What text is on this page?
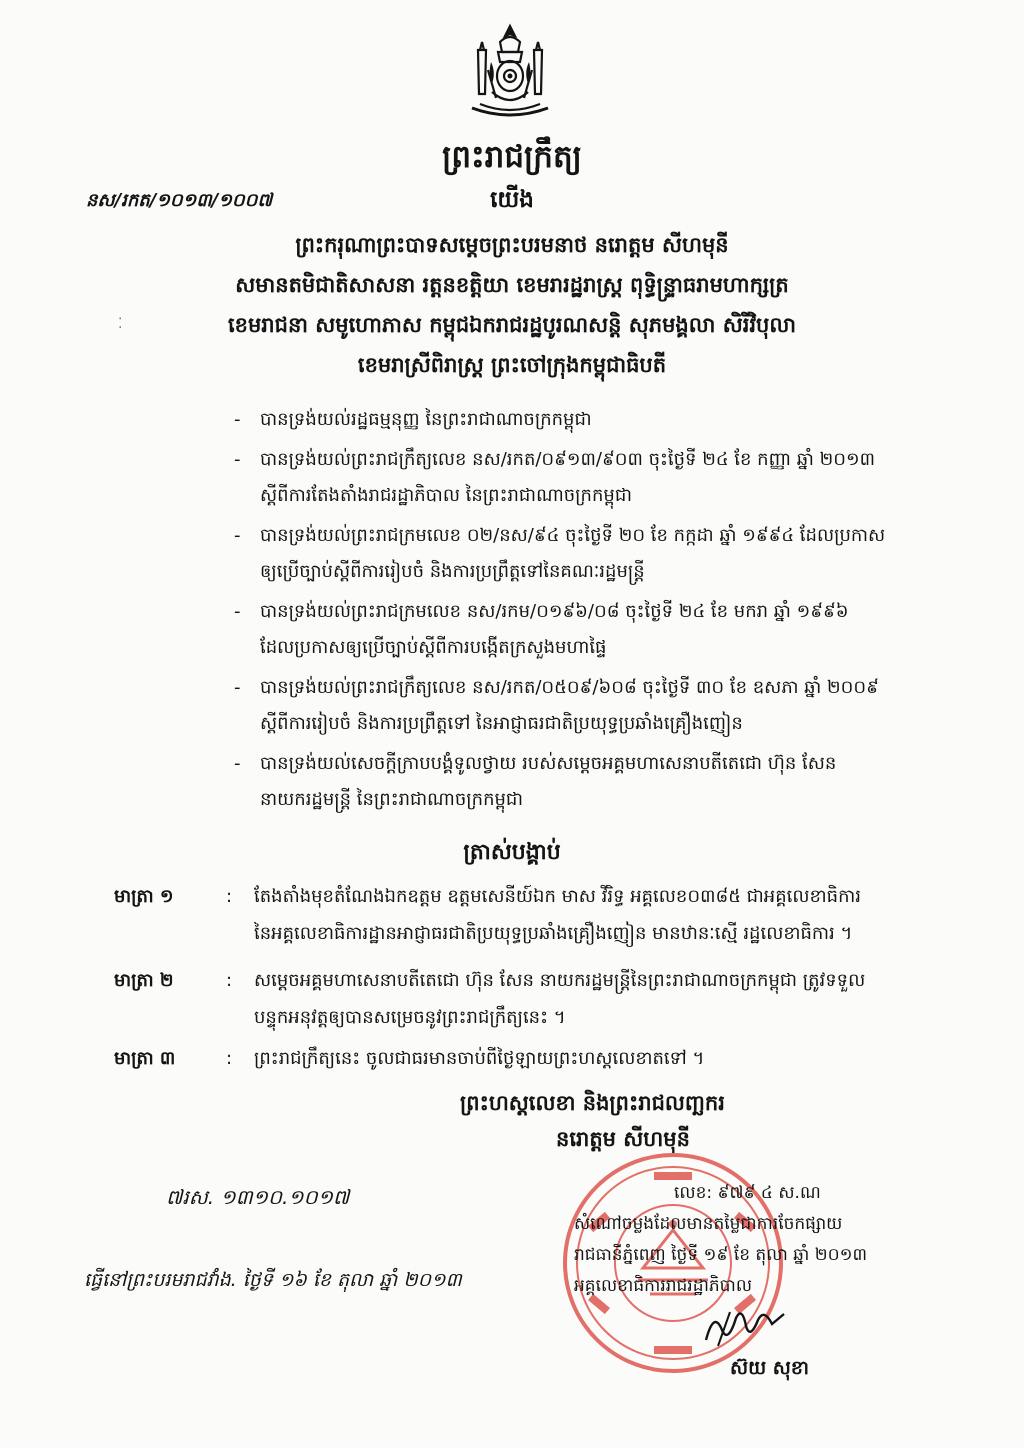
ព្រះរាជក្រឹត្យ
នស/រកត/១០១៣/១០០៧	យើង
ព្រះករុណាព្រះបាទសម្តេចព្រះបរមនាថ នរោត្តម សីហមុនី
សមានតមិជាតិសាសនា រត្តនខត្តិយា ខេមរារដ្ឋរាស្ត្រ ពុទ្ធិន្ទ្រាធរាមហាក្សត្រ
ខេមរាជនា សមូហោភាស កម្ពុជឯករាជរដ្ឋបូរណសន្តិ សុភមង្គលា សិរីវិបុលា
ខេមរាស្រីពិរាស្ត្រ ព្រះចៅក្រុងកម្ពុជាធិបតី
⁚
- បានទ្រង់យល់រដ្ឋធម្មនុញ្ញ នៃព្រះរាជាណាចក្រកម្ពុជា
- បានទ្រង់យល់ព្រះរាជក្រឹត្យលេខ នស/រកត/០៩១៣/៩០៣ ចុះថ្ងៃទី ២៤ ខែ កញ្ញា ឆ្នាំ ២០១៣
ស្តីពីការតែងតាំងរាជរដ្ឋាភិបាល នៃព្រះរាជាណាចក្រកម្ពុជា
- បានទ្រង់យល់ព្រះរាជក្រមលេខ ០២/នស/៩៤ ចុះថ្ងៃទី ២០ ខែ កក្កដា ឆ្នាំ ១៩៩៤ ដែលប្រកាស
ឲ្យប្រើច្បាប់ស្តីពីការរៀបចំ និងការប្រព្រឹត្តទៅនៃគណៈរដ្ឋមន្ត្រី
- បានទ្រង់យល់ព្រះរាជក្រមលេខ នស/រកម/០១៩៦/០៨ ចុះថ្ងៃទី ២៤ ខែ មករា ឆ្នាំ ១៩៩៦
ដែលប្រកាសឲ្យប្រើច្បាប់ស្តីពីការបង្កើតក្រសួងមហាផ្ទៃ
- បានទ្រង់យល់ព្រះរាជក្រឹត្យលេខ នស/រកត/០៥០៩/៦០៨ ចុះថ្ងៃទី ៣០ ខែ ឧសភា ឆ្នាំ ២០០៩
ស្តីពីការរៀបចំ និងការប្រព្រឹត្តទៅ នៃអាជ្ញាធរជាតិប្រយុទ្ធប្រឆាំងគ្រឿងញៀន
- បានទ្រង់យល់សេចក្តីក្រាបបង្គំទូលថ្វាយ របស់សម្តេចអគ្គមហាសេនាបតីតេជោ ហ៊ុន សែន
នាយករដ្ឋមន្ត្រី នៃព្រះរាជាណាចក្រកម្ពុជា
ត្រាស់បង្គាប់
មាត្រា ១	: តែងតាំងមុខតំណែងឯកឧត្តម ឧត្តមសេនីយ៍ឯក មាស វីរិទ្ធ អគ្គលេខ០៣៨៥ ជាអគ្គលេខាធិការ
នៃអគ្គលេខាធិការដ្ឋានអាជ្ញាធរជាតិប្រយុទ្ធប្រឆាំងគ្រឿងញៀន មានឋានៈស្មើ រដ្ឋលេខាធិការ ។
មាត្រា ២	: សម្តេចអគ្គមហាសេនាបតីតេជោ ហ៊ុន សែន នាយករដ្ឋមន្ត្រីនៃព្រះរាជាណាចក្រកម្ពុជា ត្រូវទទួល
បន្ទុកអនុវត្តឲ្យបានសម្រេចនូវព្រះរាជក្រឹត្យនេះ ។
មាត្រា ៣	: ព្រះរាជក្រឹត្យនេះ ចូលជាធរមានចាប់ពីថ្ងៃឡាយព្រះហស្តលេខាតទៅ ។
ព្រះហស្តលេខា និងព្រះរាជលញ្ឆករ
នរោត្តម សីហមុនី
៧រស. ១៣១០.១០១៧
ធ្វើនៅព្រះបរមរាជវាំង. ថ្ងៃទី ១៦ ខែ តុលា ឆ្នាំ ២០១៣
លេខ: ៩៧៩ ៤ ស.ណ
សំណៅចម្លងដែលមានតម្លៃជាការចែកផ្សាយ
រាជធានីភ្នំពេញ ថ្ងៃទី ១៩ ខែ តុលា ឆ្នាំ ២០១៣
អគ្គលេខាធិការរាជរដ្ឋាភិបាល
ស៊យ សុខា
